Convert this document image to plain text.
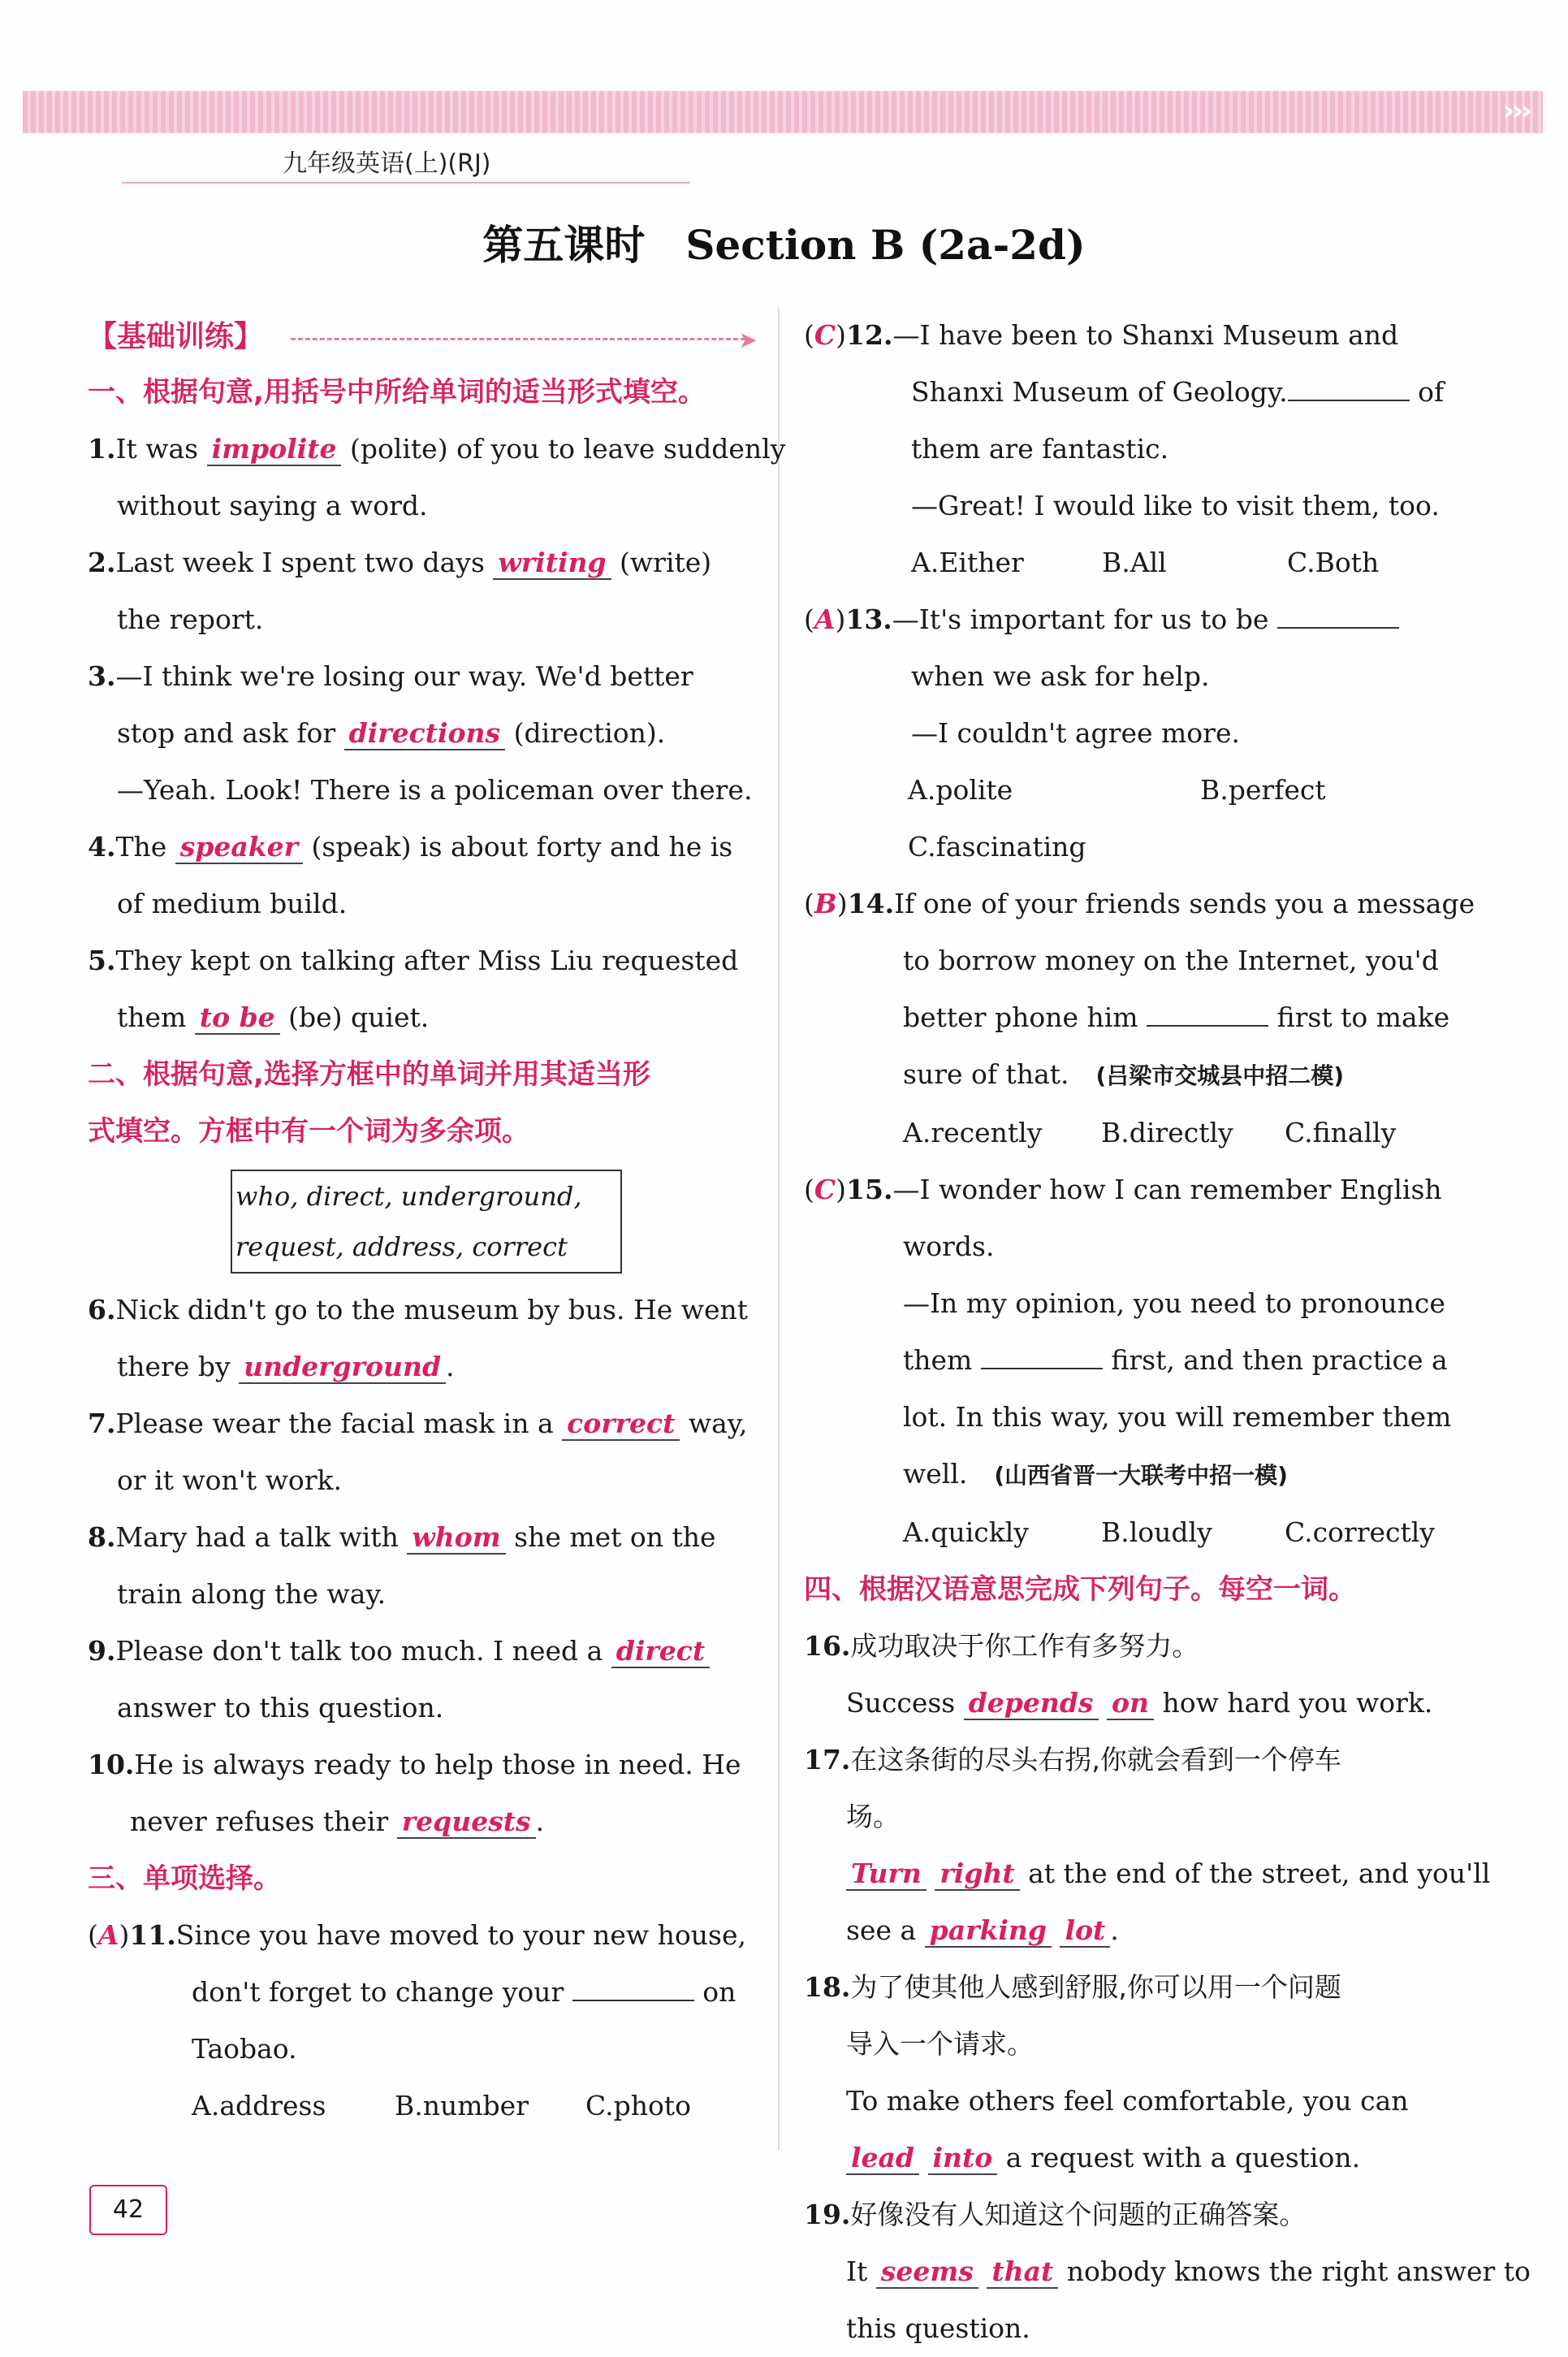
›››
九年级英语(上)(RJ)
第五课时　Section B (2a-2d)
【基础训练】	➤
一、根据句意,用括号中所给单词的适当形式填空。
1.It was impolite (polite) of you to leave suddenly
without saying a word.
2.Last week I spent two days writing (write)
the report.
3.—I think we're losing our way. We'd better
stop and ask for directions (direction).
—Yeah. Look! There is a policeman over there.
4.The speaker (speak) is about forty and he is
of medium build.
5.They kept on talking after Miss Liu requested
them to be (be) quiet.
二、根据句意,选择方框中的单词并用其适当形
式填空。方框中有一个词为多余项。
who, direct, underground,
request, address, correct
6.Nick didn't go to the museum by bus. He went
there by underground .
7.Please wear the facial mask in a correct way,
or it won't work.
8.Mary had a talk with whom she met on the
train along the way.
9.Please don't talk too much. I need a direct
answer to this question.
10.He is always ready to help those in need. He
never refuses their requests .
三、单项选择。
(A)11.Since you have moved to your new house,
don't forget to change your	on
Taobao.
A.address	B.number	C.photo
(C)12.—I have been to Shanxi Museum and
Shanxi Museum of Geology.	of
them are fantastic.
—Great! I would like to visit them, too.
A.Either	B.All	C.Both
(A)13.—It's important for us to be
when we ask for help.
—I couldn't agree more.
A.polite	B.perfect
C.fascinating
(B)14.If one of your friends sends you a message
to borrow money on the Internet, you'd
better phone him	first to make
sure of that.　 (吕梁市交城县中招二模)
A.recently	B.directly	C.finally
(C)15.—I wonder how I can remember English
words.
—In my opinion, you need to pronounce
them	first, and then practice a
lot. In this way, you will remember them
well.　 (山西省晋一大联考中招一模)
A.quickly	B.loudly	C.correctly
四、根据汉语意思完成下列句子。每空一词。
16.成功取决于你工作有多努力。
Success depends on how hard you work.
17.在这条街的尽头右拐,你就会看到一个停车
场。
Turn right at the end of the street, and you'll
see a parking lot .
18.为了使其他人感到舒服,你可以用一个问题
导入一个请求。
To make others feel comfortable, you can
lead into a request with a question.
19.好像没有人知道这个问题的正确答案。
It seems that nobody knows the right answer to
this question.
42
